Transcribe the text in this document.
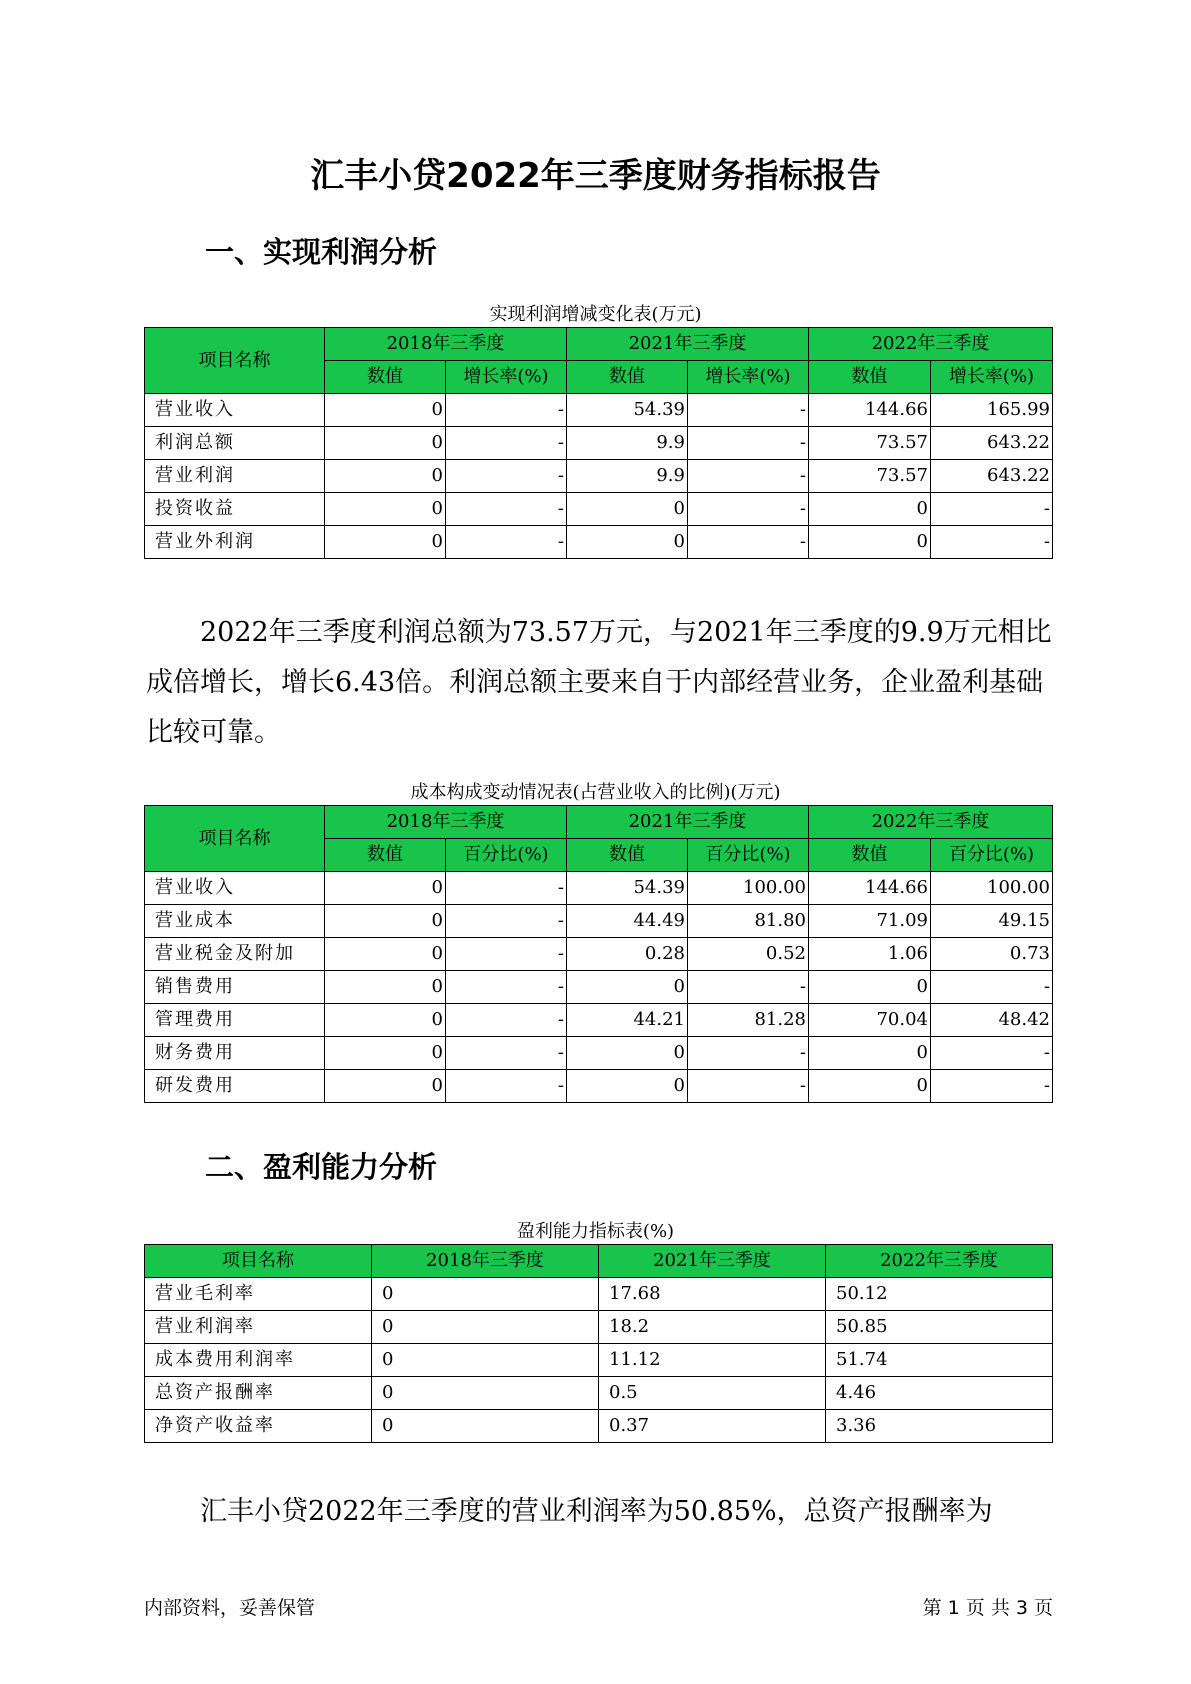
汇丰小贷2022年三季度财务指标报告
一、实现利润分析
实现利润增减变化表(万元)
项目名称	2018年三季度		2021年三季度		2022年三季度	
	数值	增长率(%)	数值	增长率(%)	数值	增长率(%)
营业收入	0	-	54.39	-	144.66	165.99
利润总额	0	-	9.9	-	73.57	643.22
营业利润	0	-	9.9	-	73.57	643.22
投资收益	0	-	0	-	0	-
营业外利润	0	-	0	-	0	-
2022年三季度利润总额为73.57万元，与2021年三季度的9.9万元相比成倍增长，增长6.43倍。利润总额主要来自于内部经营业务，企业盈利基础比较可靠。
成本构成变动情况表(占营业收入的比例)(万元)
项目名称	2018年三季度		2021年三季度		2022年三季度	
	数值	百分比(%)	数值	百分比(%)	数值	百分比(%)
营业收入	0	-	54.39	100.00	144.66	100.00
营业成本	0	-	44.49	81.80	71.09	49.15
营业税金及附加	0	-	0.28	0.52	1.06	0.73
销售费用	0	-	0	-	0	-
管理费用	0	-	44.21	81.28	70.04	48.42
财务费用	0	-	0	-	0	-
研发费用	0	-	0	-	0	-
二、盈利能力分析
盈利能力指标表(%)
项目名称	2018年三季度	2021年三季度	2022年三季度
营业毛利率	0	17.68	50.12
营业利润率	0	18.2	50.85
成本费用利润率	0	11.12	51.74
总资产报酬率	0	0.5	4.46
净资产收益率	0	0.37	3.36
汇丰小贷2022年三季度的营业利润率为50.85%，总资产报酬率为
内部资料，妥善保管	第 1 页 共 3 页
